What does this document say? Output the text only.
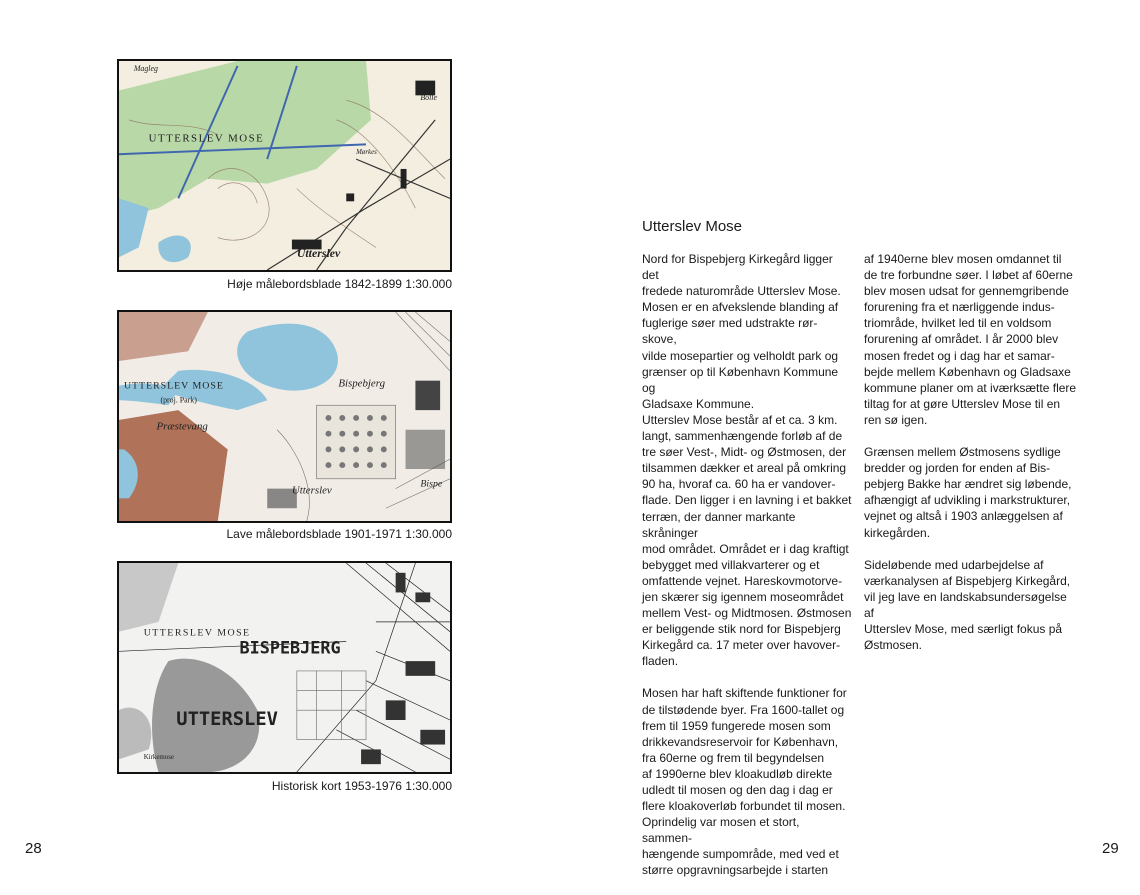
Magleg
UTTERSLEV MOSE
Utterslev
Bolle
Mørkes
Høje målebordsblade 1842-1899 1:30.000
UTTERSLEV MOSE
(proj. Park)
Præstevang
Bispebjerg
Utterslev
Bispe
Lave målebordsblade 1901-1971 1:30.000
UTTERSLEV MOSE
BISPEBJERG
UTTERSLEV
Kirkemose
Historisk kort 1953-1976 1:30.000
28
Utterslev Mose

Nord for Bispebjerg Kirkegård ligger det
fredede naturområde Utterslev Mose.
Mosen er en afvekslende blanding af
fuglerige søer med udstrakte rør-skove,
vilde mosepartier og velholdt park og
grænser op til København Kommune og
Gladsaxe Kommune.
Utterslev Mose består af et ca. 3 km.
langt, sammenhængende forløb af de
tre søer Vest-, Midt- og Østmosen, der
tilsammen dækker et areal på omkring
90 ha, hvoraf ca. 60 ha er vandover-
flade. Den ligger i en lavning i et bakket
terræn, der danner markante skråninger
mod området. Området er i dag kraftigt
bebygget med villakvarterer og et
omfattende vejnet. Hareskovmotorve-
jen skærer sig igennem moseområdet
mellem Vest- og Midtmosen. Østmosen
er beliggende stik nord for Bispebjerg
Kirkegård ca. 17 meter over havover-
fladen.

Mosen har haft skiftende funktioner for
de tilstødende byer. Fra 1600-tallet og
frem til 1959 fungerede mosen som
drikkevandsreservoir for København,
fra 60erne og frem til begyndelsen
af 1990erne blev kloakudløb direkte
udledt til mosen og den dag i dag er
flere kloakoverløb forbundet til mosen.
Oprindelig var mosen et stort, sammen-
hængende sumpområde, med ved et
større opgravningsarbejde i starten

af 1940erne blev mosen omdannet til
de tre forbundne søer. I løbet af 60erne
blev mosen udsat for gennemgribende
forurening fra et nærliggende indus-
triområde, hvilket led til en voldsom
forurening af området. I år 2000 blev
mosen fredet og i dag har et samar-
bejde mellem København og Gladsaxe
kommune planer om at iværksætte flere
tiltag for at gøre Utterslev Mose til en
ren sø igen.

Grænsen mellem Østmosens sydlige
bredder og jorden for enden af Bis-
pebjerg Bakke har ændret sig løbende,
afhængigt af udvikling i markstrukturer,
vejnet og altså i 1903 anlæggelsen af
kirkegården.

Sideløbende med udarbejdelse af
værkanalysen af Bispebjerg Kirkegård,
vil jeg lave en landskabsundersøgelse af
Utterslev Mose, med særligt fokus på
Østmosen.

29
